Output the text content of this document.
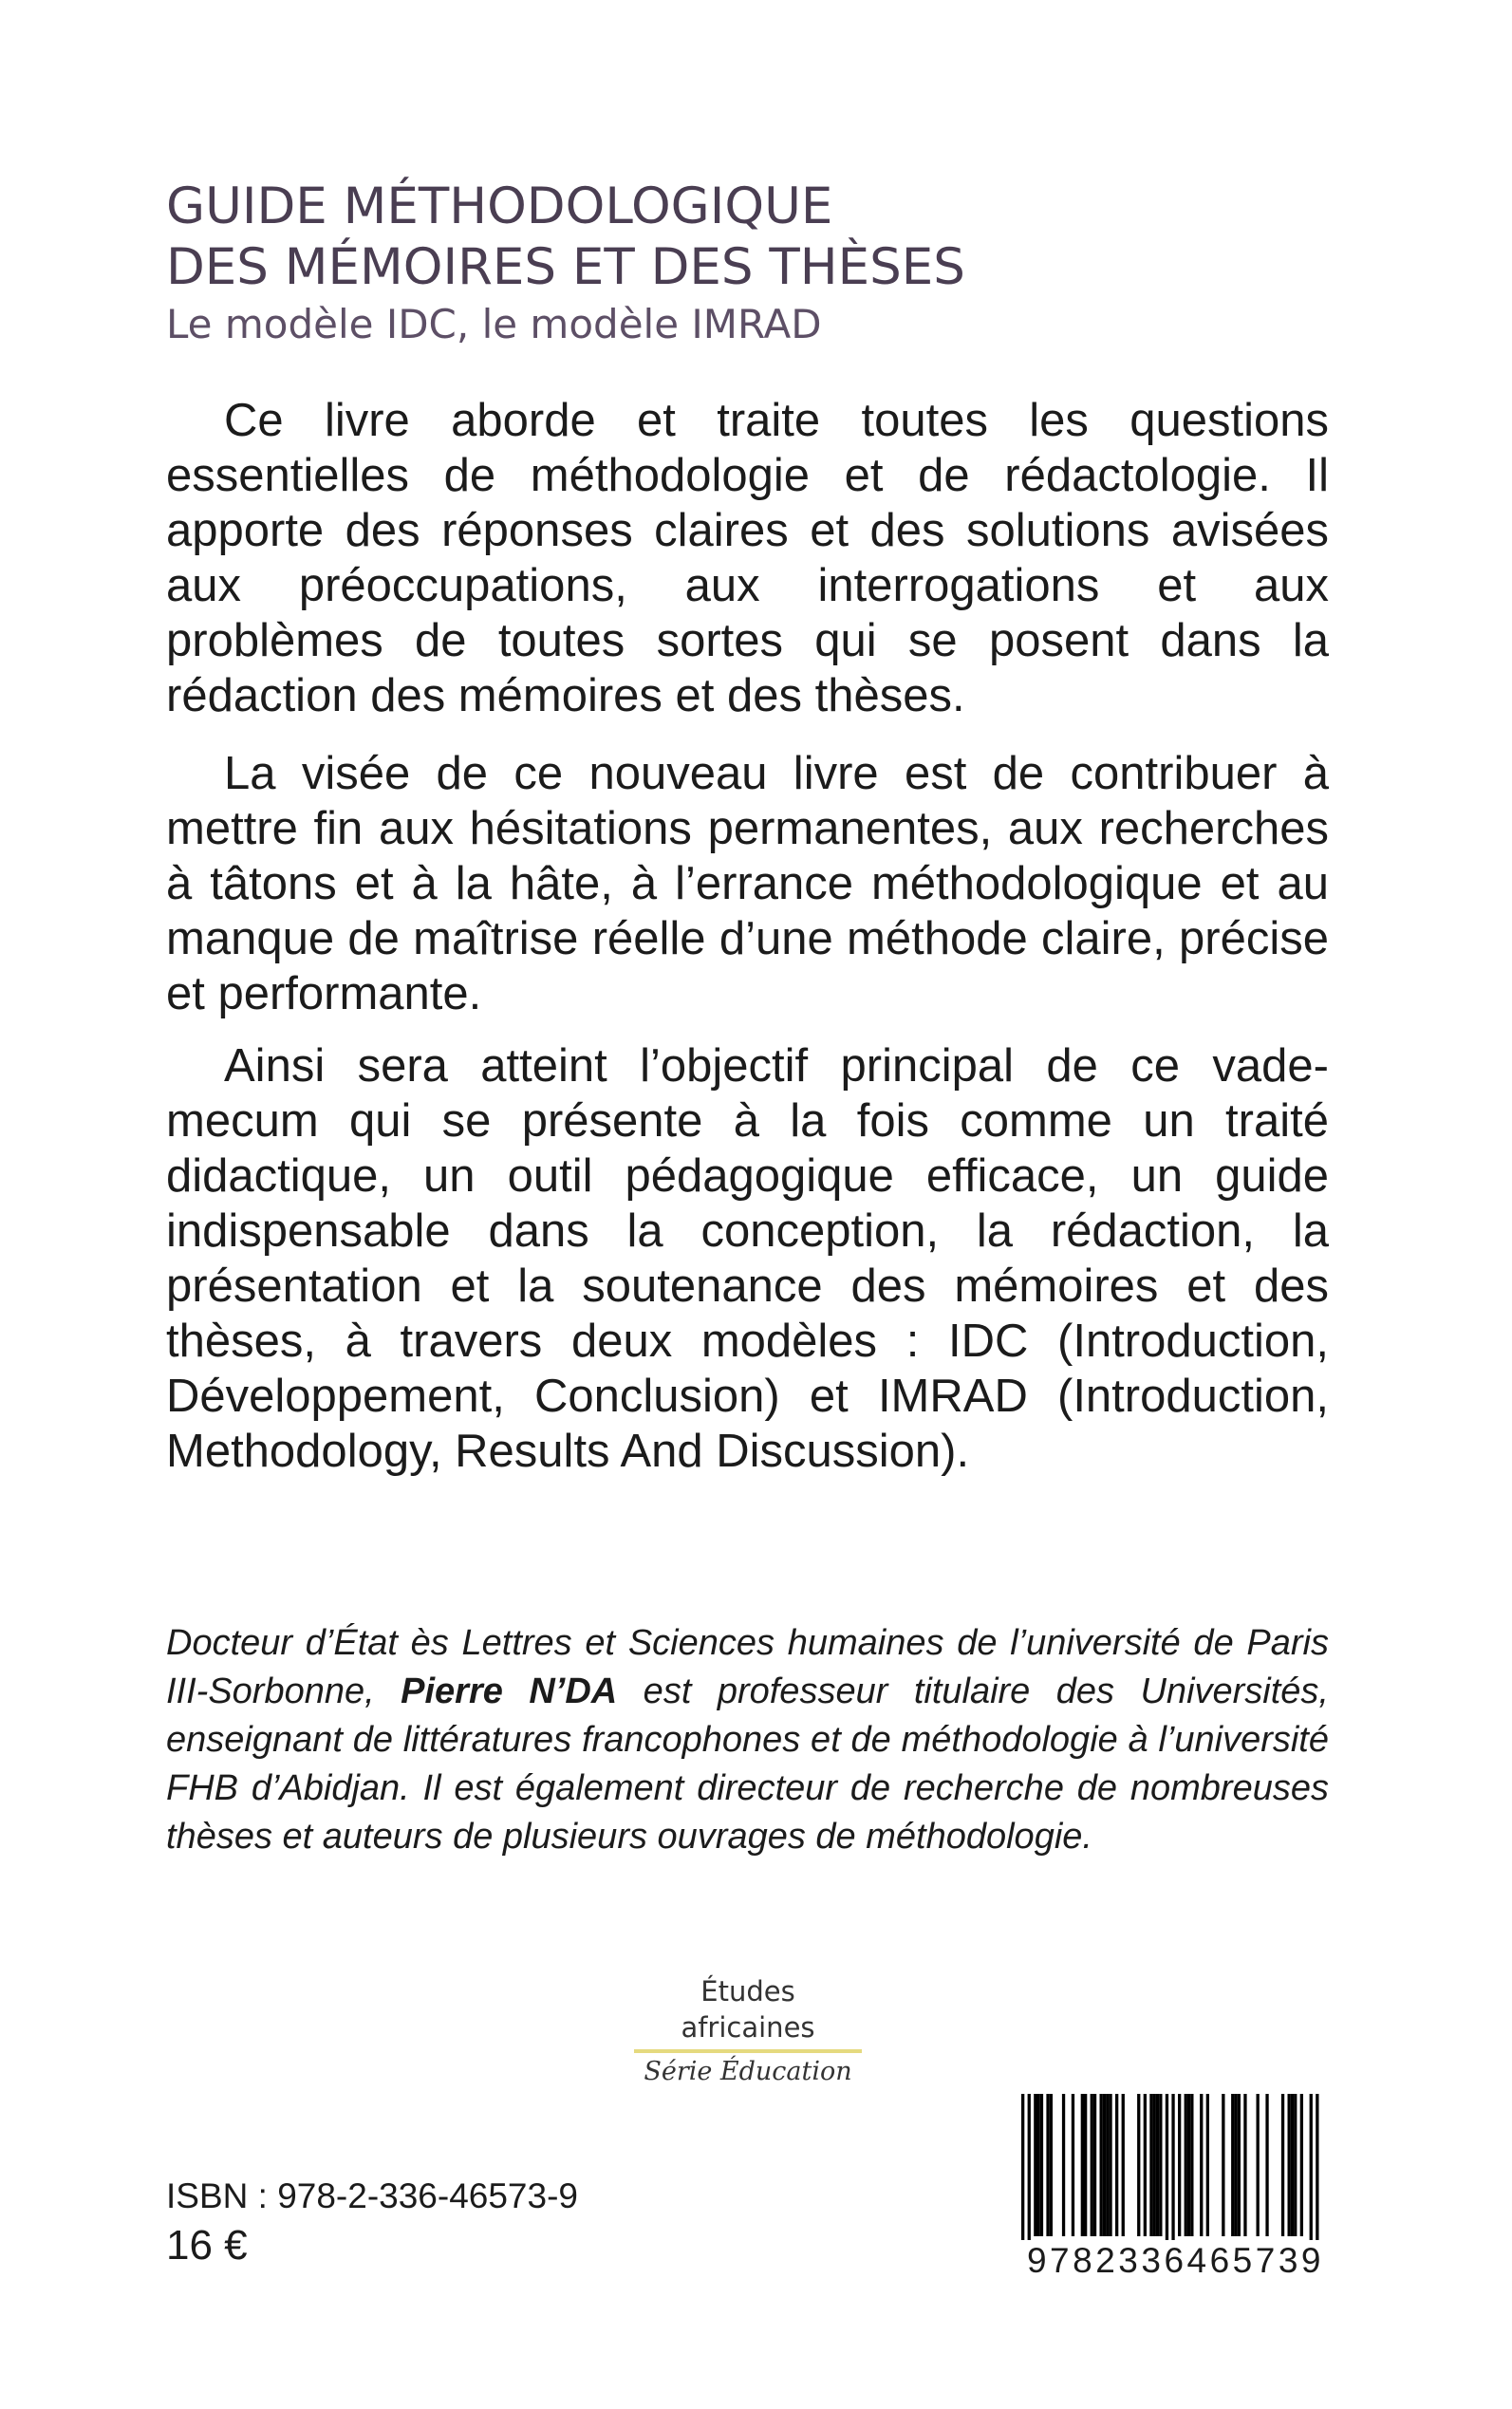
GUIDE MÉTHODOLOGIQUE
DES MÉMOIRES ET DES THÈSES
Le modèle IDC, le modèle IMRAD

Ce livre aborde et traite toutes les questions essentielles de méthodologie et de rédactologie. Il apporte des réponses claires et des solutions avisées aux préoccupations, aux interrogations et aux problèmes de toutes sortes qui se posent dans la rédaction des mémoires et des thèses.

La visée de ce nouveau livre est de contribuer à mettre fin aux hésitations permanentes, aux recherches à tâtons et à la hâte, à l’errance méthodologique et au manque de maîtrise réelle d’une méthode claire, précise et performante.

Ainsi sera atteint l’objectif principal de ce vade-mecum qui se présente à la fois comme un traité didactique, un outil pédagogique efficace, un guide indispensable dans la conception, la rédaction, la présentation et la soutenance des mémoires et des thèses, à travers deux modèles : IDC (Introduction, Développement, Conclusion) et IMRAD (Introduction, Methodology, Results And Discussion).

Docteur d’État ès Lettres et Sciences humaines de l’université de Paris III-Sorbonne, Pierre N’DA est professeur titulaire des Universités, enseignant de littératures francophones et de méthodologie à l’université FHB d’Abidjan. Il est également directeur de recherche de nombreuses thèses et auteurs de plusieurs ouvrages de méthodologie.
Études africaines
Série Éducation
ISBN : 978-2-336-46573-9
16 €	9782336465739
